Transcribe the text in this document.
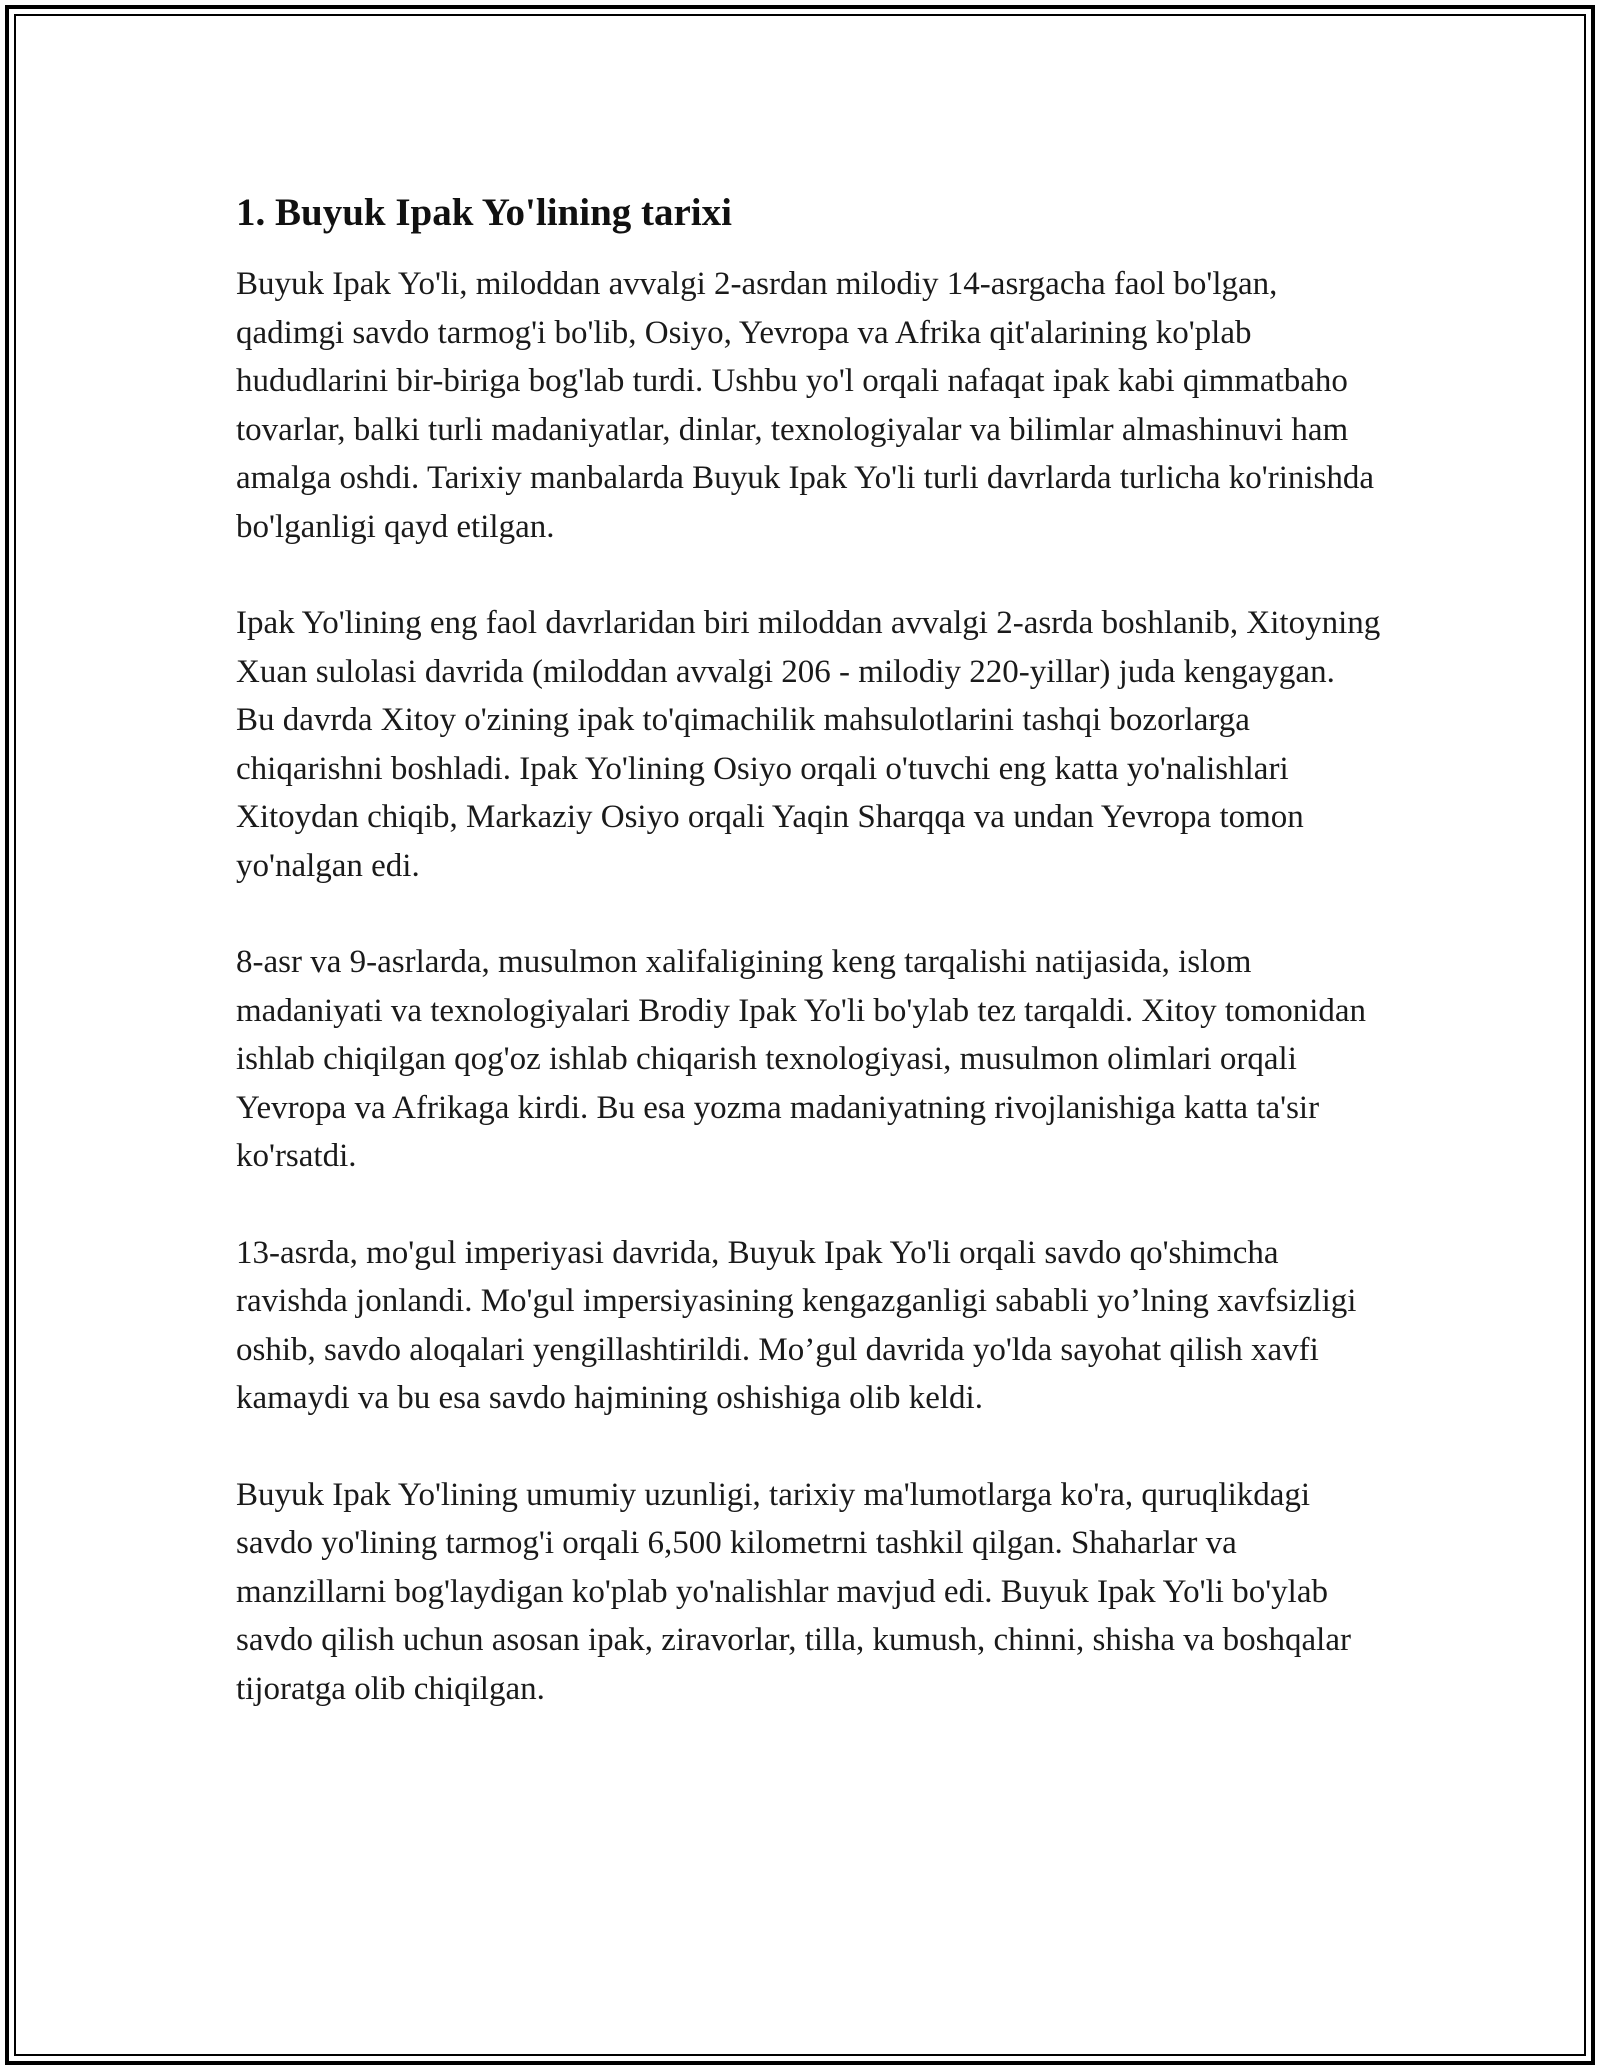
1. Buyuk Ipak Yo'lining tarixi

Buyuk Ipak Yo'li, miloddan avvalgi 2-asrdan milodiy 14-asrgacha faol bo'lgan, qadimgi savdo tarmog'i bo'lib, Osiyo, Yevropa va Afrika qit'alarining ko'plab hududlarini bir-biriga bog'lab turdi. Ushbu yo'l orqali nafaqat ipak kabi qimmatbaho tovarlar, balki turli madaniyatlar, dinlar, texnologiyalar va bilimlar almashinuvi ham amalga oshdi. Tarixiy manbalarda Buyuk Ipak Yo'li turli davrlarda turlicha ko'rinishda bo'lganligi qayd etilgan.

Ipak Yo'lining eng faol davrlaridan biri miloddan avvalgi 2-asrda boshlanib, Xitoyning Xuan sulolasi davrida (miloddan avvalgi 206 - milodiy 220-yillar) juda kengaygan. Bu davrda Xitoy o'zining ipak to'qimachilik mahsulotlarini tashqi bozorlarga chiqarishni boshladi. Ipak Yo'lining Osiyo orqali o'tuvchi eng katta yo'nalishlari Xitoydan chiqib, Markaziy Osiyo orqali Yaqin Sharqqa va undan Yevropa tomon yo'nalgan edi.

8-asr va 9-asrlarda, musulmon xalifaligining keng tarqalishi natijasida, islom madaniyati va texnologiyalari Brodiy Ipak Yo'li bo'ylab tez tarqaldi. Xitoy tomonidan ishlab chiqilgan qog'oz ishlab chiqarish texnologiyasi, musulmon olimlari orqali Yevropa va Afrikaga kirdi. Bu esa yozma madaniyatning rivojlanishiga katta ta'sir ko'rsatdi.

13-asrda, mo'gul imperiyasi davrida, Buyuk Ipak Yo'li orqali savdo qo'shimcha ravishda jonlandi. Mo'gul impersiyasining kengazganligi sababli yo’lning xavfsizligi oshib, savdo aloqalari yengillashtirildi. Mo’gul davrida yo'lda sayohat qilish xavfi kamaydi va bu esa savdo hajmining oshishiga olib keldi.

Buyuk Ipak Yo'lining umumiy uzunligi, tarixiy ma'lumotlarga ko'ra, quruqlikdagi savdo yo'lining tarmog'i orqali 6,500 kilometrni tashkil qilgan. Shaharlar va manzillarni bog'laydigan ko'plab yo'nalishlar mavjud edi. Buyuk Ipak Yo'li bo'ylab savdo qilish uchun asosan ipak, ziravorlar, tilla, kumush, chinni, shisha va boshqalar tijoratga olib chiqilgan.
